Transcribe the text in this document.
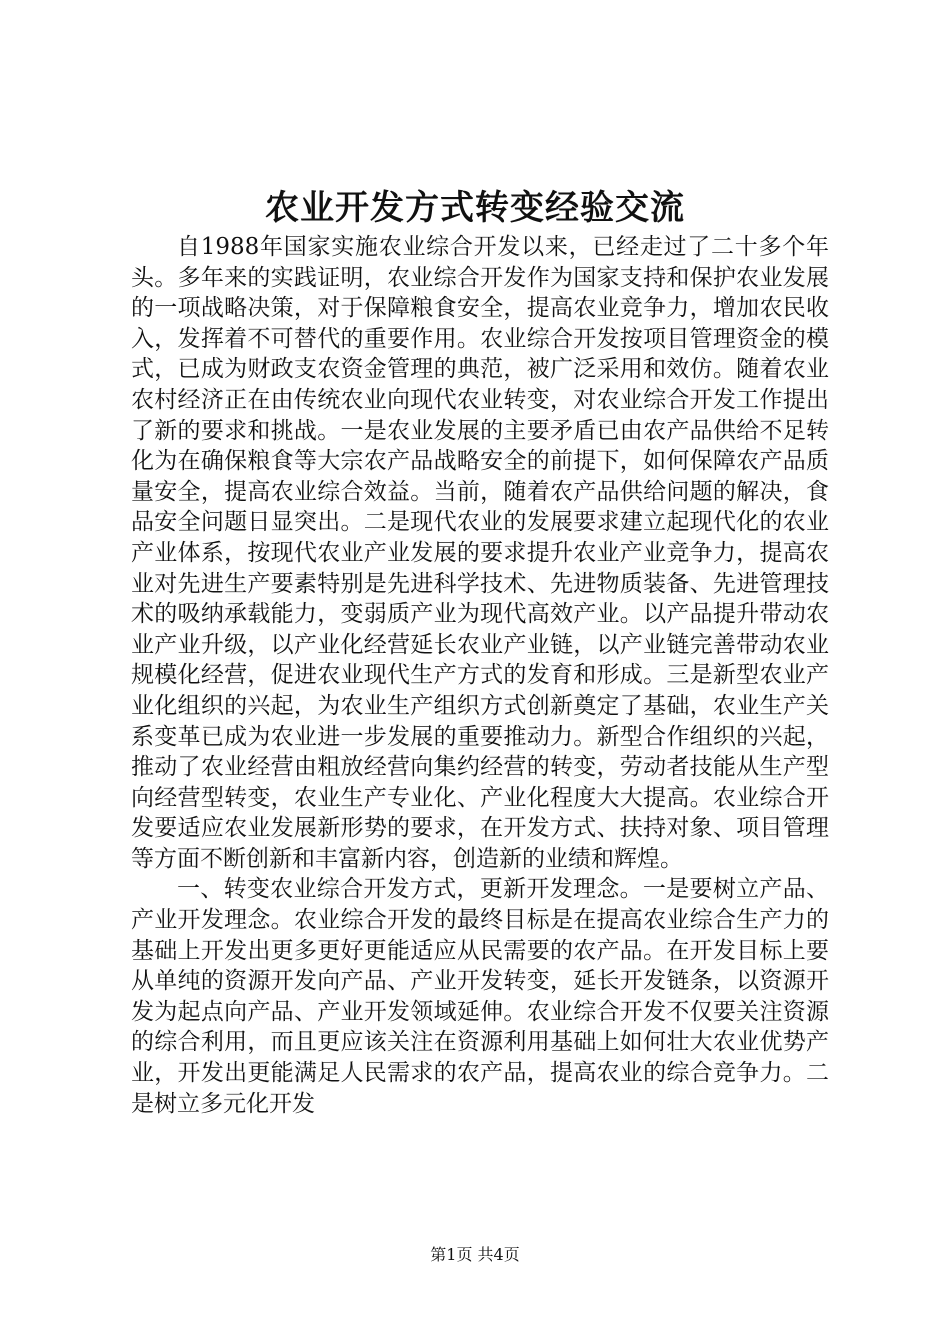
农业开发方式转变经验交流

自1988年国家实施农业综合开发以来，已经走过了二十多个年头。多年来的实践证明，农业综合开发作为国家支持和保护农业发展的一项战略决策，对于保障粮食安全，提高农业竞争力，增加农民收入，发挥着不可替代的重要作用。农业综合开发按项目管理资金的模式，已成为财政支农资金管理的典范，被广泛采用和效仿。随着农业农村经济正在由传统农业向现代农业转变，对农业综合开发工作提出了新的要求和挑战。一是农业发展的主要矛盾已由农产品供给不足转化为在确保粮食等大宗农产品战略安全的前提下，如何保障农产品质量安全，提高农业综合效益。当前，随着农产品供给问题的解决，食品安全问题日显突出。二是现代农业的发展要求建立起现代化的农业产业体系，按现代农业产业发展的要求提升农业产业竞争力，提高农业对先进生产要素特别是先进科学技术、先进物质装备、先进管理技术的吸纳承载能力，变弱质产业为现代高效产业。以产品提升带动农业产业升级，以产业化经营延长农业产业链，以产业链完善带动农业规模化经营，促进农业现代生产方式的发育和形成。三是新型农业产业化组织的兴起，为农业生产组织方式创新奠定了基础，农业生产关系变革已成为农业进一步发展的重要推动力。新型合作组织的兴起，推动了农业经营由粗放经营向集约经营的转变，劳动者技能从生产型向经营型转变，农业生产专业化、产业化程度大大提高。农业综合开发要适应农业发展新形势的要求，在开发方式、扶持对象、项目管理等方面不断创新和丰富新内容，创造新的业绩和辉煌。

一、转变农业综合开发方式，更新开发理念。一是要树立产品、产业开发理念。农业综合开发的最终目标是在提高农业综合生产力的基础上开发出更多更好更能适应从民需要的农产品。在开发目标上要从单纯的资源开发向产品、产业开发转变，延长开发链条，以资源开发为起点向产品、产业开发领域延伸。农业综合开发不仅要关注资源的综合利用，而且更应该关注在资源利用基础上如何壮大农业优势产业，开发出更能满足人民需求的农产品，提高农业的综合竞争力。二是树立多元化开发

第1页 共4页
